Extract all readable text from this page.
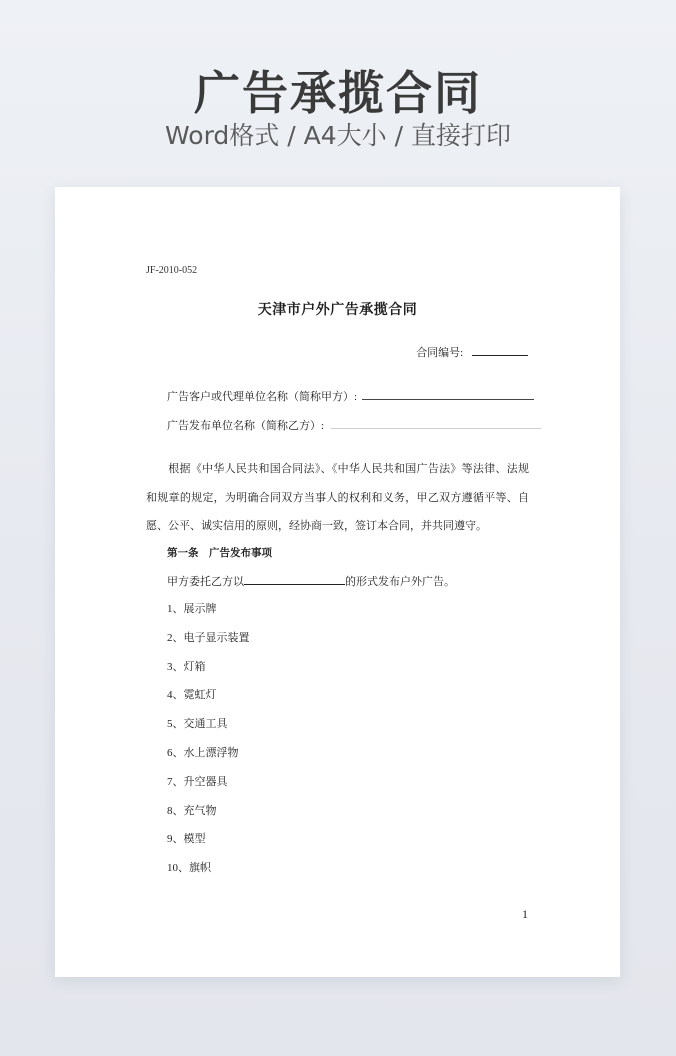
广告承揽合同
Word格式 / A4大小 / 直接打印
JF-2010-052
天津市户外广告承揽合同
合同编号:
广告客户或代理单位名称（简称甲方）:
广告发布单位名称（简称乙方）:
根据《中华人民共和国合同法》、《中华人民共和国广告法》等法律、法规和规章的规定，为明确合同双方当事人的权利和义务，甲乙双方遵循平等、自愿、公平、诚实信用的原则，经协商一致，签订本合同，并共同遵守。
第一条　广告发布事项
甲方委托乙方以	的形式发布户外广告。
1、展示牌
2、电子显示装置
3、灯箱
4、霓虹灯
5、交通工具
6、水上漂浮物
7、升空器具
8、充气物
9、模型
10、旗帜
1
